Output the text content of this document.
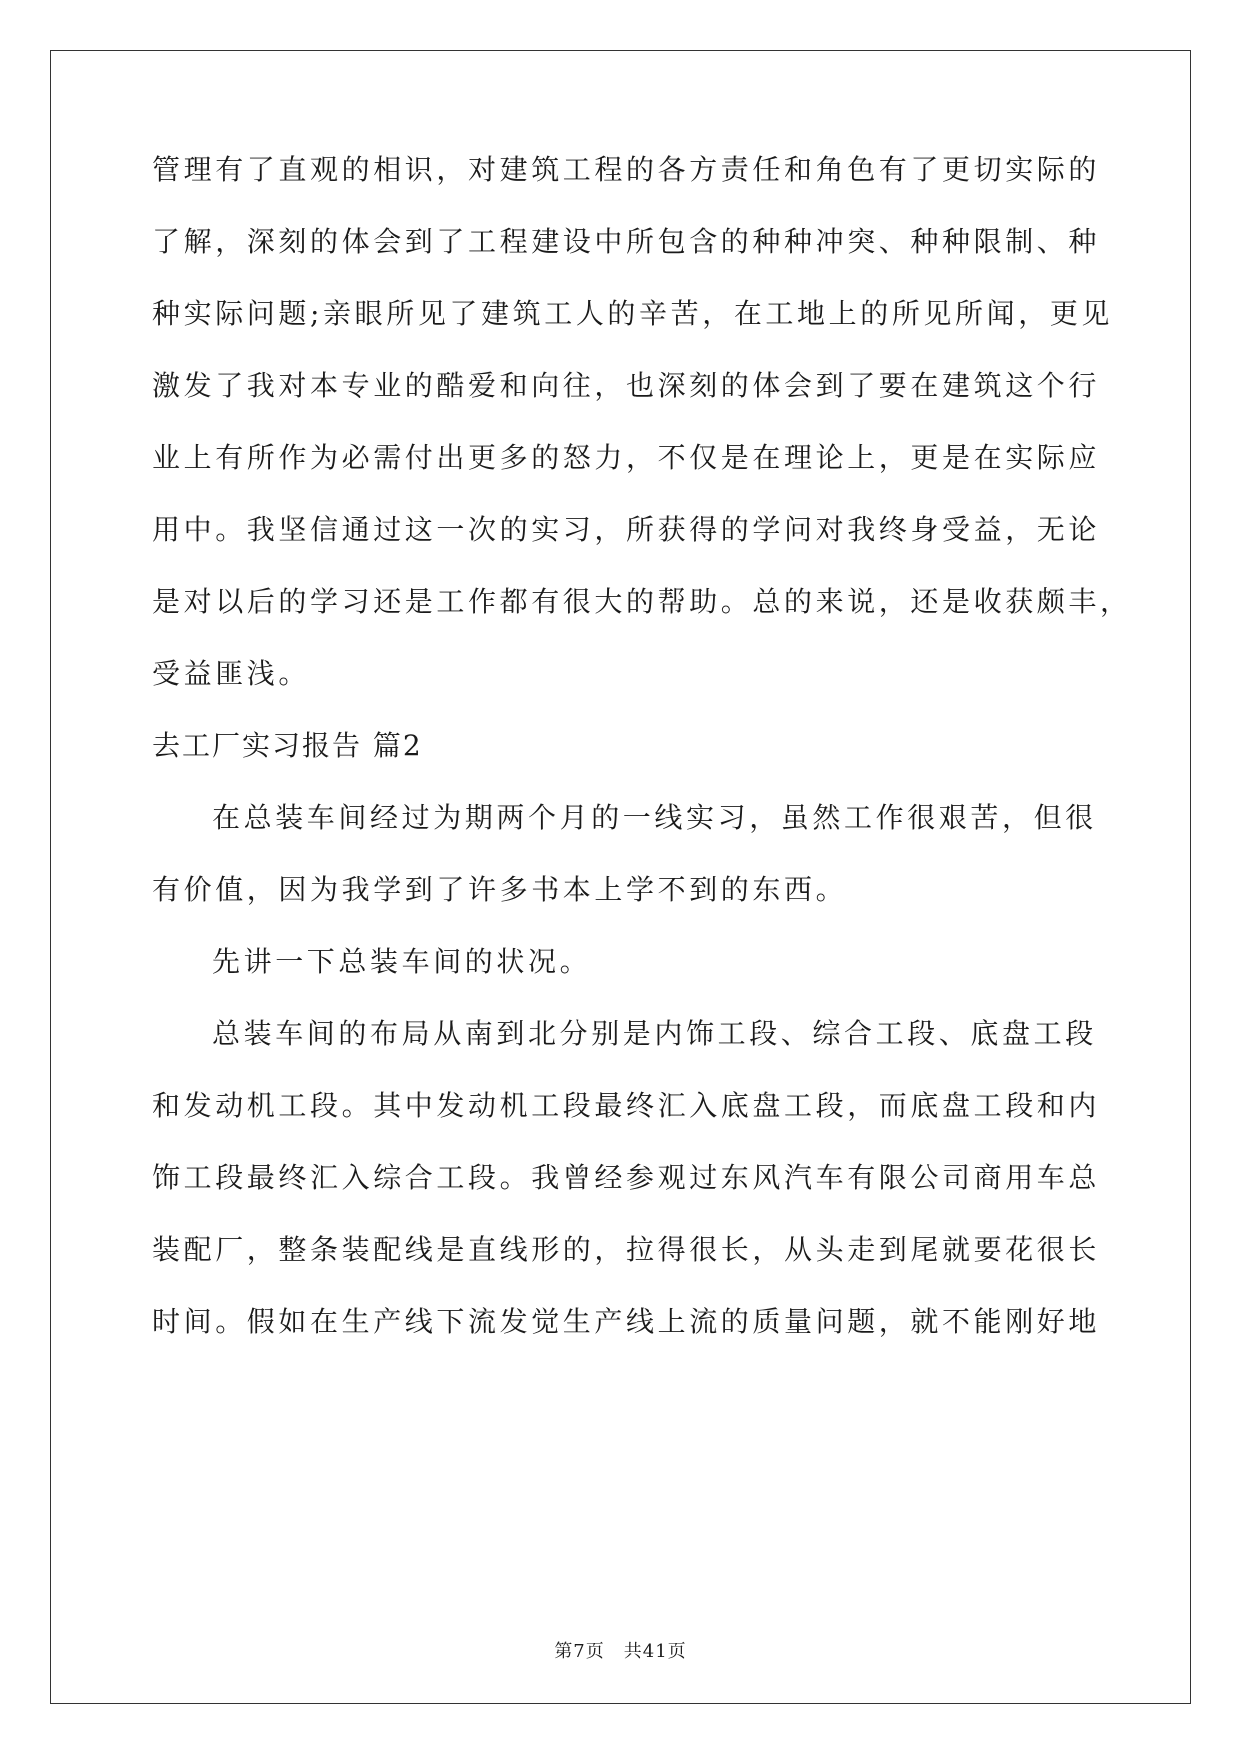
管理有了直观的相识，对建筑工程的各方责任和角色有了更切实际的
了解，深刻的体会到了工程建设中所包含的种种冲突、种种限制、种
种实际问题;亲眼所见了建筑工人的辛苦，在工地上的所见所闻，更见
激发了我对本专业的酷爱和向往，也深刻的体会到了要在建筑这个行
业上有所作为必需付出更多的怒力，不仅是在理论上，更是在实际应
用中。我坚信通过这一次的实习，所获得的学问对我终身受益，无论
是对以后的学习还是工作都有很大的帮助。总的来说，还是收获颇丰，
受益匪浅。
去工厂实习报告 篇2
在总装车间经过为期两个月的一线实习，虽然工作很艰苦，但很
有价值，因为我学到了许多书本上学不到的东西。
先讲一下总装车间的状况。
总装车间的布局从南到北分别是内饰工段、综合工段、底盘工段
和发动机工段。其中发动机工段最终汇入底盘工段，而底盘工段和内
饰工段最终汇入综合工段。我曾经参观过东风汽车有限公司商用车总
装配厂，整条装配线是直线形的，拉得很长，从头走到尾就要花很长
时间。假如在生产线下流发觉生产线上流的质量问题，就不能刚好地
第7页　共41页
